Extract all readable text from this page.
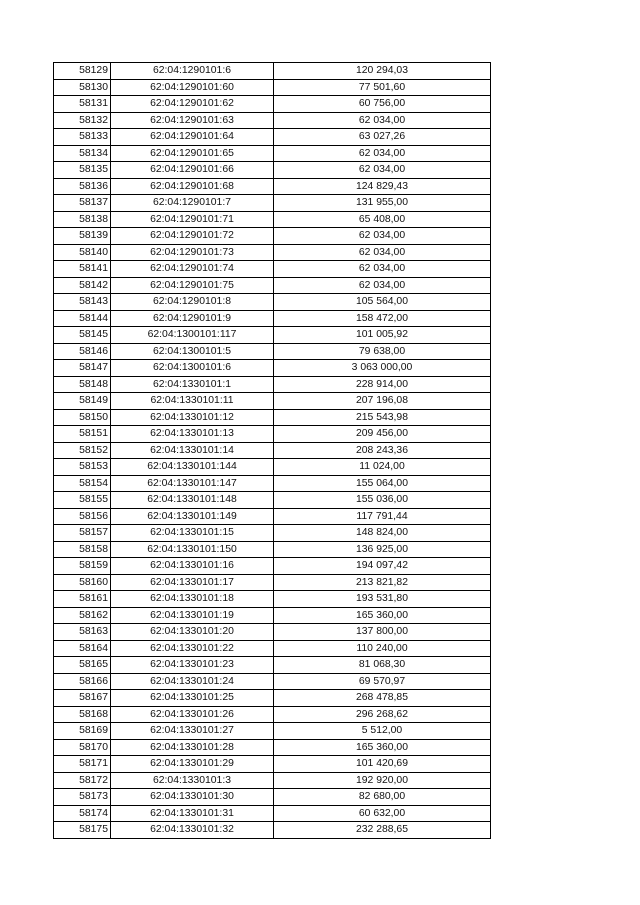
58129	62:04:1290101:6	120 294,03
58130	62:04:1290101:60	77 501,60
58131	62:04:1290101:62	60 756,00
58132	62:04:1290101:63	62 034,00
58133	62:04:1290101:64	63 027,26
58134	62:04:1290101:65	62 034,00
58135	62:04:1290101:66	62 034,00
58136	62:04:1290101:68	124 829,43
58137	62:04:1290101:7	131 955,00
58138	62:04:1290101:71	65 408,00
58139	62:04:1290101:72	62 034,00
58140	62:04:1290101:73	62 034,00
58141	62:04:1290101:74	62 034,00
58142	62:04:1290101:75	62 034,00
58143	62:04:1290101:8	105 564,00
58144	62:04:1290101:9	158 472,00
58145	62:04:1300101:117	101 005,92
58146	62:04:1300101:5	79 638,00
58147	62:04:1300101:6	3 063 000,00
58148	62:04:1330101:1	228 914,00
58149	62:04:1330101:11	207 196,08
58150	62:04:1330101:12	215 543,98
58151	62:04:1330101:13	209 456,00
58152	62:04:1330101:14	208 243,36
58153	62:04:1330101:144	11 024,00
58154	62:04:1330101:147	155 064,00
58155	62:04:1330101:148	155 036,00
58156	62:04:1330101:149	117 791,44
58157	62:04:1330101:15	148 824,00
58158	62:04:1330101:150	136 925,00
58159	62:04:1330101:16	194 097,42
58160	62:04:1330101:17	213 821,82
58161	62:04:1330101:18	193 531,80
58162	62:04:1330101:19	165 360,00
58163	62:04:1330101:20	137 800,00
58164	62:04:1330101:22	110 240,00
58165	62:04:1330101:23	81 068,30
58166	62:04:1330101:24	69 570,97
58167	62:04:1330101:25	268 478,85
58168	62:04:1330101:26	296 268,62
58169	62:04:1330101:27	5 512,00
58170	62:04:1330101:28	165 360,00
58171	62:04:1330101:29	101 420,69
58172	62:04:1330101:3	192 920,00
58173	62:04:1330101:30	82 680,00
58174	62:04:1330101:31	60 632,00
58175	62:04:1330101:32	232 288,65
